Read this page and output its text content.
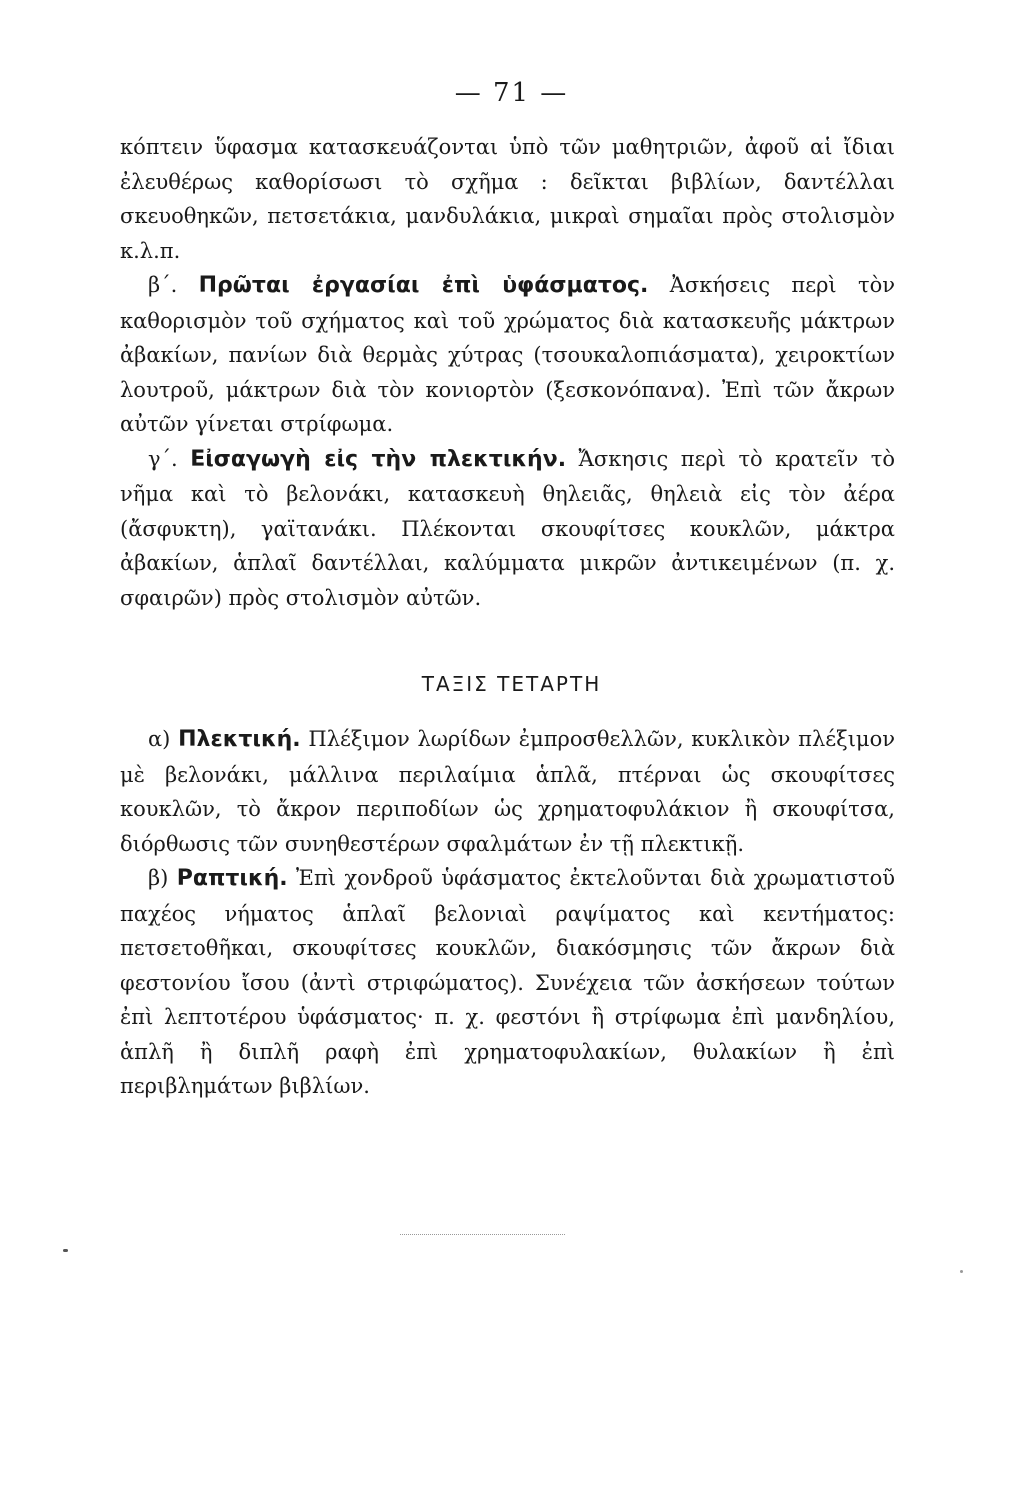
— 71 —

κόπτειν ὕφασμα κατασκευάζονται ὑπὸ τῶν μαθητριῶν, ἀφοῦ αἱ ἴδιαι ἐλευθέρως καθορίσωσι τὸ σχῆμα : δεῖκται βιβλίων, δαντέλλαι σκευοθηκῶν, πετσετάκια, μανδυλάκια, μικραὶ σημαῖαι πρὸς στολισμὸν κ.λ.π.

β΄. Πρῶται ἐργασίαι ἐπὶ ὑφάσματος. Ἀσκήσεις περὶ τὸν καθορισμὸν τοῦ σχήματος καὶ τοῦ χρώματος διὰ κατασκευῆς μάκτρων ἀβακίων, πανίων διὰ θερμὰς χύτρας (τσουκαλοπιάσματα), χειροκτίων λουτροῦ, μάκτρων διὰ τὸν κονιορτὸν (ξεσκονόπανα). Ἐπὶ τῶν ἄκρων αὐτῶν γίνεται στρίφωμα.

γ΄. Εἰσαγωγὴ εἰς τὴν πλεκτικήν. Ἄσκησις περὶ τὸ κρατεῖν τὸ νῆμα καὶ τὸ βελονάκι, κατασκευὴ θηλειᾶς, θηλειὰ εἰς τὸν ἀέρα (ἄσφυκτη), γαϊτανάκι. Πλέκονται σκουφίτσες κουκλῶν, μάκτρα ἀβακίων, ἁπλαῖ δαντέλλαι, καλύμματα μικρῶν ἀντικειμένων (π. χ. σφαιρῶν) πρὸς στολισμὸν αὐτῶν.

ΤΑΞΙΣ ΤΕΤΑΡΤΗ

α) Πλεκτική. Πλέξιμον λωρίδων ἐμπροσθελλῶν, κυκλικὸν πλέξιμον μὲ βελονάκι, μάλλινα περιλαίμια ἁπλᾶ, πτέρναι ὡς σκουφίτσες κουκλῶν, τὸ ἄκρον περιποδίων ὡς χρηματοφυλάκιον ἢ σκουφίτσα, διόρθωσις τῶν συνηθεστέρων σφαλμάτων ἐν τῇ πλεκτικῇ.

β) Ραπτική. Ἐπὶ χονδροῦ ὑφάσματος ἐκτελοῦνται διὰ χρωματιστοῦ παχέος νήματος ἁπλαῖ βελονιαὶ ραψίματος καὶ κεντήματος: πετσετοθῆκαι, σκουφίτσες κουκλῶν, διακόσμησις τῶν ἄκρων διὰ φεστονίου ἴσου (ἀντὶ στριφώματος). Συνέχεια τῶν ἀσκήσεων τούτων ἐπὶ λεπτοτέρου ὑφάσματος· π. χ. φεστόνι ἢ στρίφωμα ἐπὶ μανδηλίου, ἁπλῆ ἢ διπλῆ ραφὴ ἐπὶ χρηματοφυλακίων, θυλακίων ἢ ἐπὶ περιβλημάτων βιβλίων.
